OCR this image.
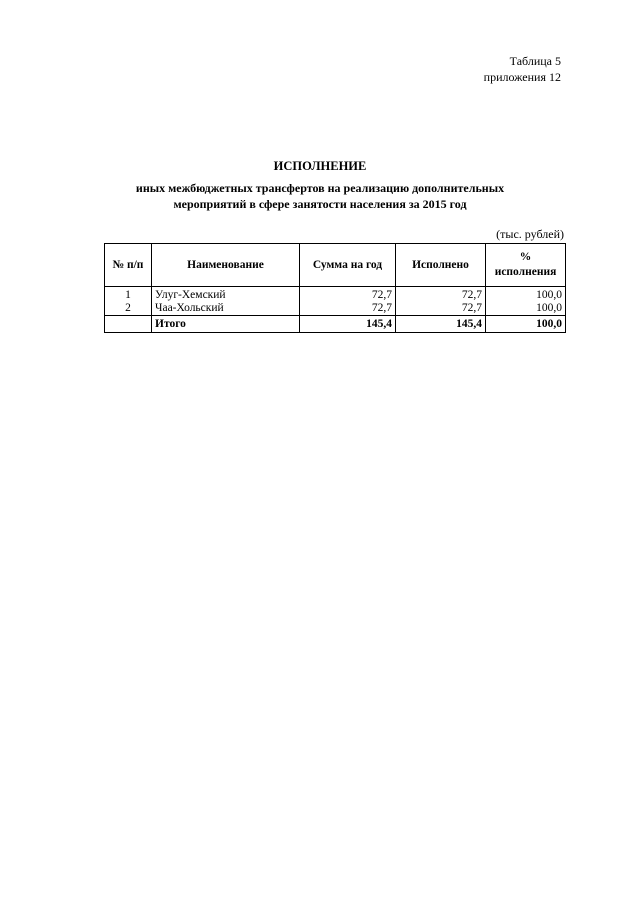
Таблица 5
приложения 12
ИСПОЛНЕНИЕ
иных межбюджетных трансфертов на реализацию дополнительных
мероприятий в сфере занятости населения за 2015 год
(тыс. рублей)
№ п/п	Наименование	Сумма на год	Исполнено	%
исполнения

1	Улуг-Хемский	72,7	72,7	100,0
2	Чаа-Хольский	72,7	72,7	100,0
	Итого	145,4	145,4	100,0
